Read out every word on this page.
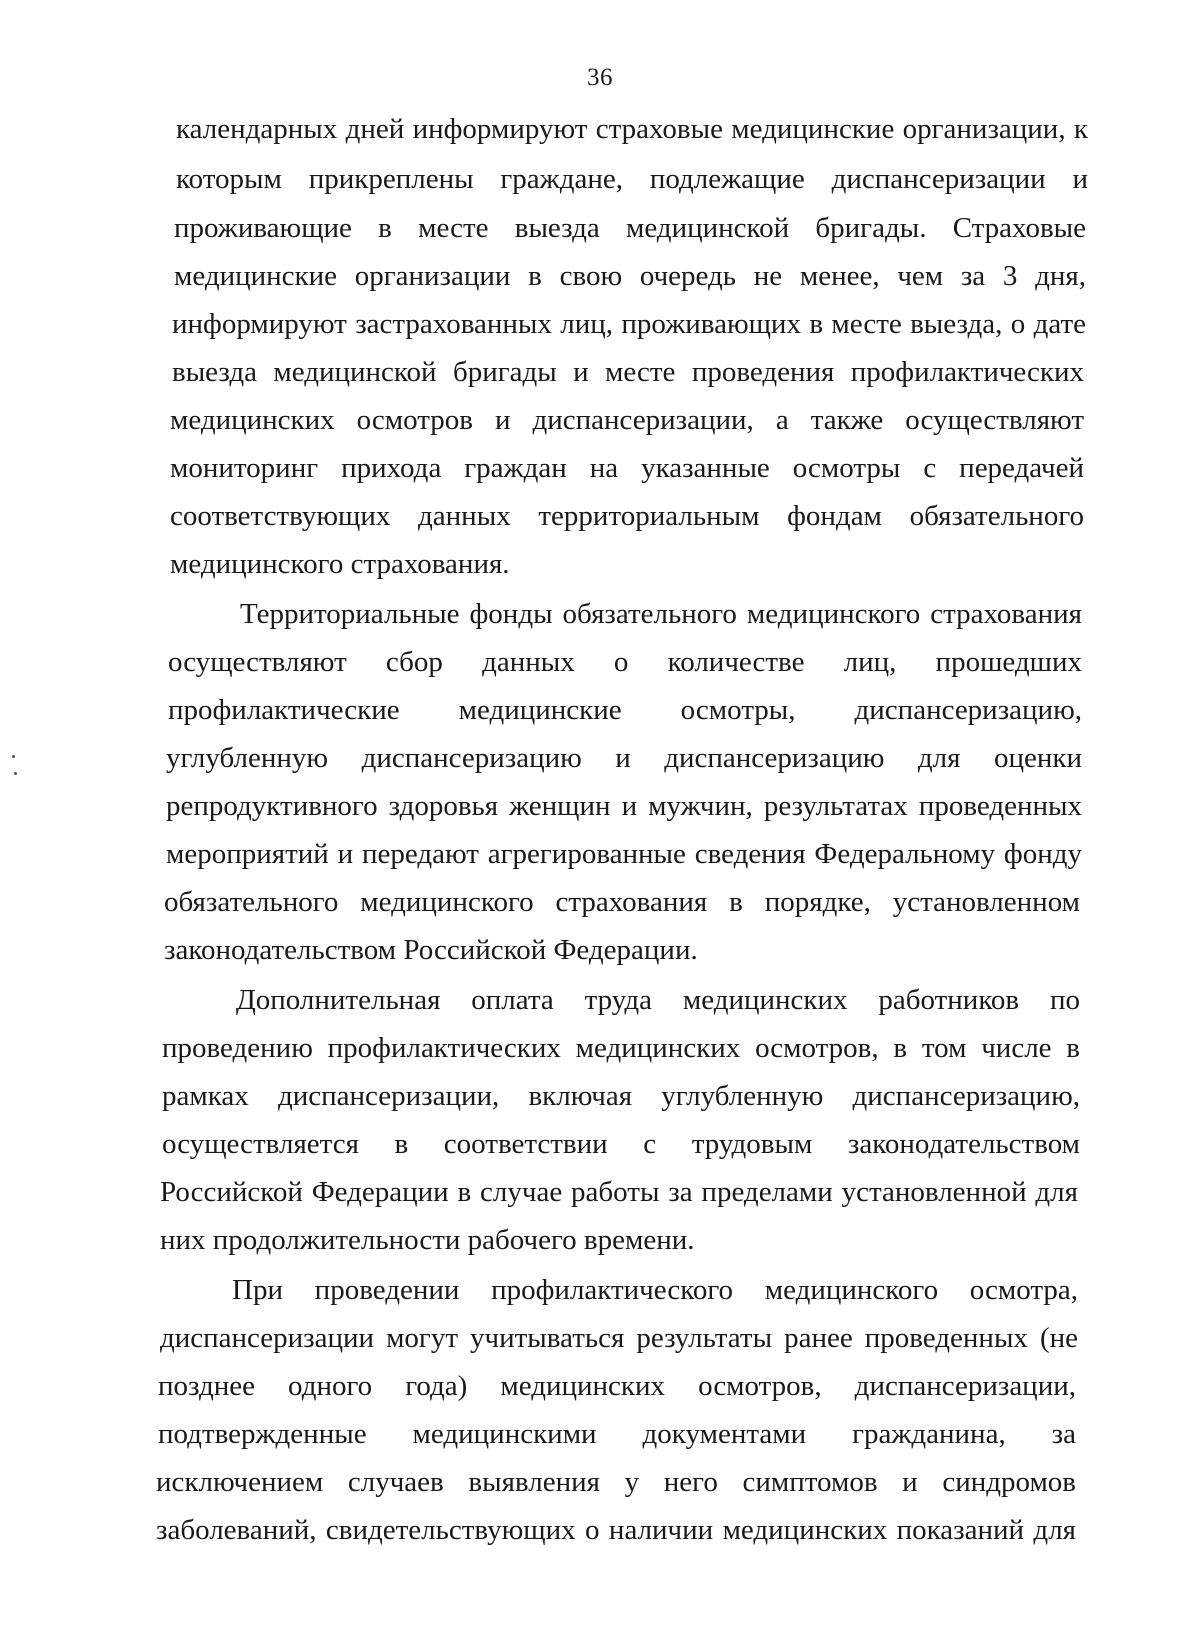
36
календарных дней информируют страховые медицинские организации, к
которым прикреплены граждане, подлежащие диспансеризации и
проживающие в месте выезда медицинской бригады. Страховые
медицинские организации в свою очередь не менее, чем за 3 дня,
информируют застрахованных лиц, проживающих в месте выезда, о дате
выезда медицинской бригады и месте проведения профилактических
медицинских осмотров и диспансеризации, а также осуществляют
мониторинг прихода граждан на указанные осмотры с передачей
соответствующих данных территориальным фондам обязательного
медицинского страхования.
Территориальные фонды обязательного медицинского страхования
осуществляют сбор данных о количестве лиц, прошедших
профилактические медицинские осмотры, диспансеризацию,
углубленную диспансеризацию и диспансеризацию для оценки
репродуктивного здоровья женщин и мужчин, результатах проведенных
мероприятий и передают агрегированные сведения Федеральному фонду
обязательного медицинского страхования в порядке, установленном
законодательством Российской Федерации.
Дополнительная оплата труда медицинских работников по
проведению профилактических медицинских осмотров, в том числе в
рамках диспансеризации, включая углубленную диспансеризацию,
осуществляется в соответствии с трудовым законодательством
Российской Федерации в случае работы за пределами установленной для
них продолжительности рабочего времени.
При проведении профилактического медицинского осмотра,
диспансеризации могут учитываться результаты ранее проведенных (не
позднее одного года) медицинских осмотров, диспансеризации,
подтвержденные медицинскими документами гражданина, за
исключением случаев выявления у него симптомов и синдромов
заболеваний, свидетельствующих о наличии медицинских показаний для
